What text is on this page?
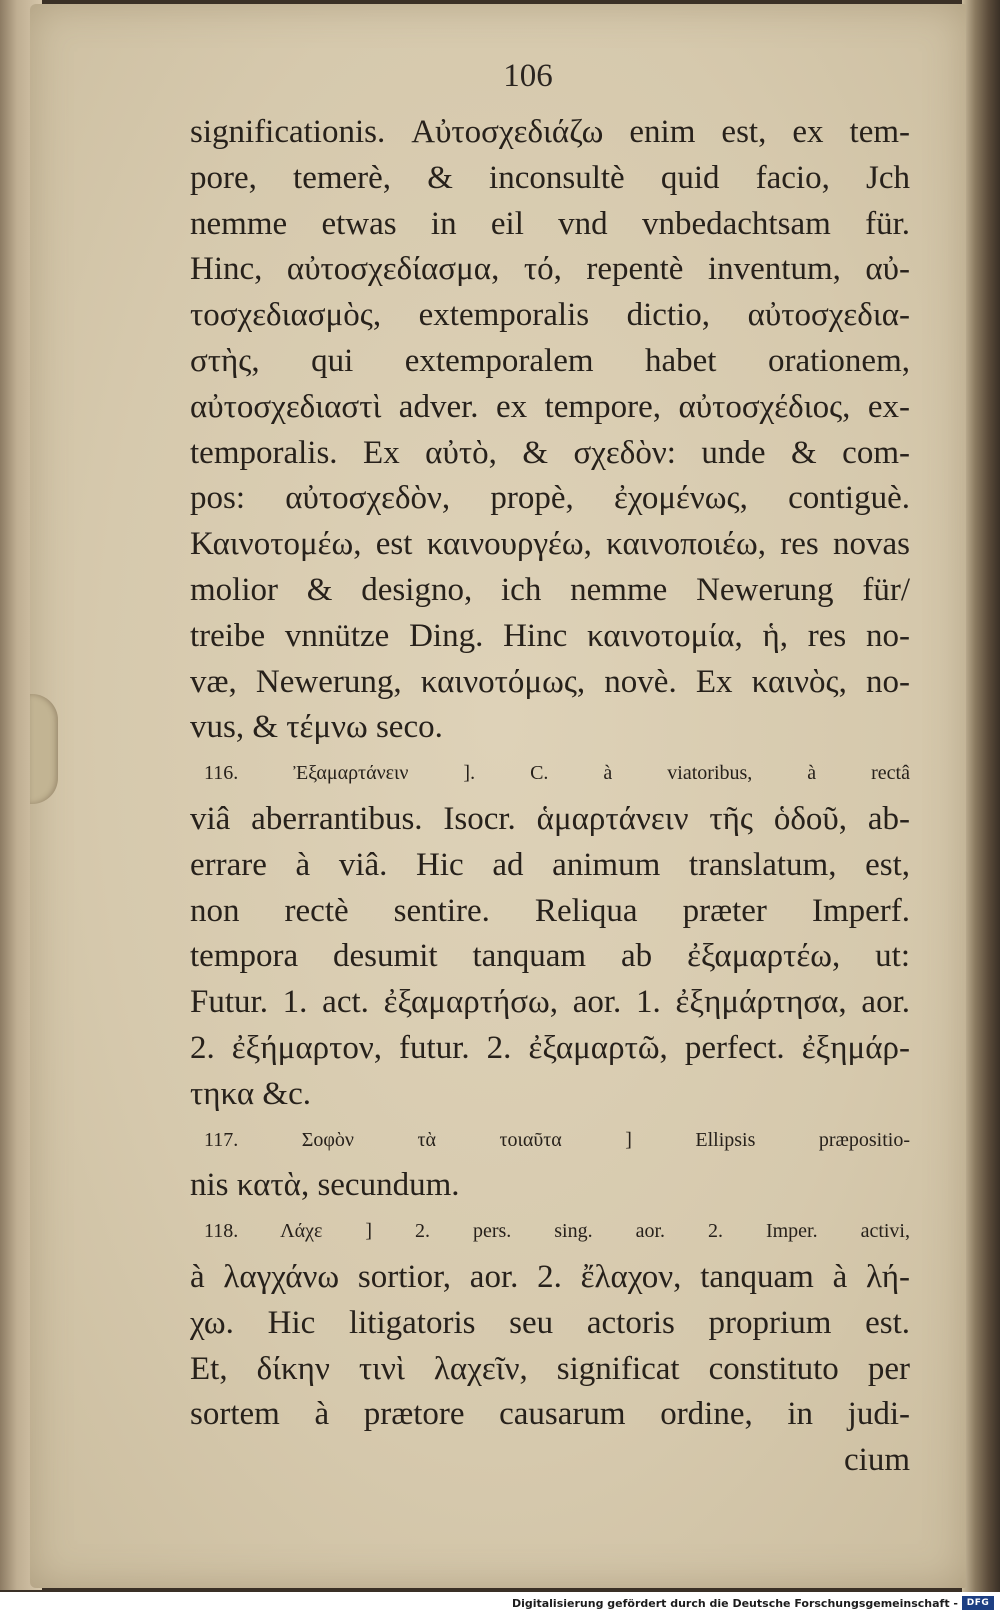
106
significationis. Αὐτοσχεδιάζω enim est, ex tem-
pore, temerè, & inconsultè quid facio, Jch
nemme etwas in eil vnd vnbedachtsam für.
Hinc, αὐτοσχεδίασμα, τό, repentè inventum, αὐ-
τοσχεδιασμὸς, extemporalis dictio, αὐτοσχεδια-
στὴς, qui extemporalem habet orationem,
αὐτοσχεδιαστὶ adver. ex tempore, αὐτοσχέδιος, ex-
temporalis. Ex αὐτὸ, & σχεδὸν: unde & com-
pos: αὐτοσχεδὸν, propè, ἐχομένως, contiguè.
Καινοτομέω, est καινουργέω, καινοποιέω, res novas
molior & designo, ich nemme Newerung für/
treibe vnnütze Ding. Hinc καινοτομία, ἡ, res no-
væ, Newerung, καινοτόμως, novè. Ex καινὸς, no-
vus, & τέμνω seco.
116. Ἐξαμαρτάνειν ]. C. à viatoribus, à rectâ
viâ aberrantibus. Isocr. ἁμαρτάνειν τῆς ὁδοῦ, ab-
errare à viâ. Hic ad animum translatum, est,
non rectè sentire. Reliqua præter Imperf.
tempora desumit tanquam ab ἐξαμαρτέω, ut:
Futur. 1. act. ἐξαμαρτήσω, aor. 1. ἐξημάρτησα, aor.
2. ἐξήμαρτον, futur. 2. ἐξαμαρτῶ, perfect. ἐξημάρ-
τηκα &c.
117. Σοφὸν τὰ τοιαῦτα ] Ellipsis præpositio-
nis κατὰ, secundum.
118. Λάχε ] 2. pers. sing. aor. 2. Imper. activi,
à λαγχάνω sortior, aor. 2. ἔλαχον, tanquam à λή-
χω. Hic litigatoris seu actoris proprium est.
Et, δίκην τινὶ λαχεῖν, significat constituto per
sortem à prætore causarum ordine, in judi-
cium
Digitalisierung gefördert durch die Deutsche Forschungsgemeinschaft - DFG
